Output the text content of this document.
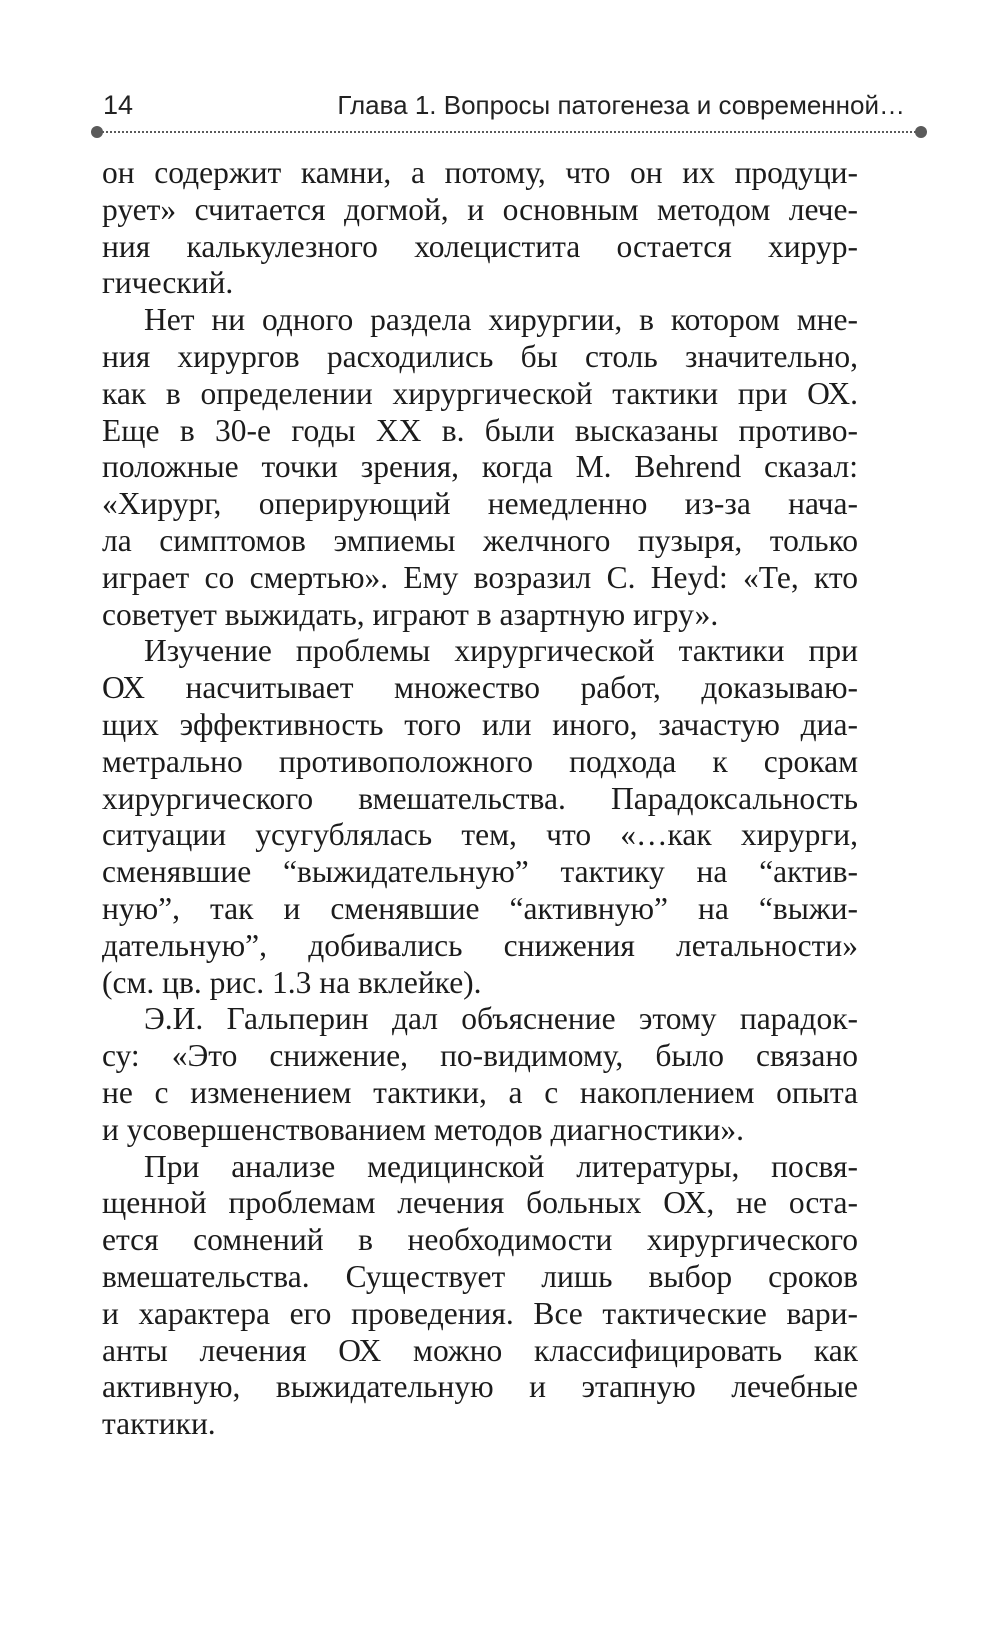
14	Глава 1. Вопросы патогенеза и современной…
он содержит камни, а потому, что он их продуци-
рует» считается догмой, и основным методом лече-
ния калькулезного холецистита остается хирур-
гический.
Нет ни одного раздела хирургии, в котором мне-
ния хирургов расходились бы столь значительно,
как в определении хирургической тактики при ОХ.
Еще в 30-е годы XX в. были высказаны противо-
положные точки зрения, когда M. Behrend сказал:
«Хирург, оперирующий немедленно из-за нача-
ла симптомов эмпиемы желчного пузыря, только
играет со смертью». Ему возразил C. Heyd: «Те, кто
советует выжидать, играют в азартную игру».
Изучение проблемы хирургической тактики при
ОХ насчитывает множество работ, доказываю-
щих эффективность того или иного, зачастую диа-
метрально противоположного подхода к срокам
хирургического вмешательства. Парадоксальность
ситуации усугублялась тем, что «…как хирурги,
сменявшие “выжидательную” тактику на “актив-
ную”, так и сменявшие “активную” на “выжи-
дательную”, добивались снижения летальности»
(см. цв. рис. 1.3 на вклейке).
Э.И. Гальперин дал объяснение этому парадок-
су: «Это снижение, по-видимому, было связано
не с изменением тактики, а с накоплением опыта
и усовершенствованием методов диагностики».
При анализе медицинской литературы, посвя-
щенной проблемам лечения больных ОХ, не оста-
ется сомнений в необходимости хирургического
вмешательства. Существует лишь выбор сроков
и характера его проведения. Все тактические вари-
анты лечения ОХ можно классифицировать как
активную, выжидательную и этапную лечебные
тактики.
